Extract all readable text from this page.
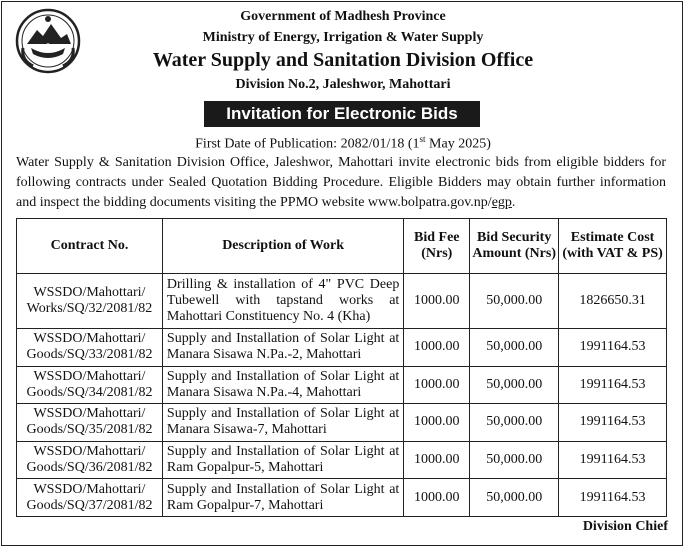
Government of Madhesh Province
Ministry of Energy, Irrigation & Water Supply
Water Supply and Sanitation Division Office
Division No.2, Jaleshwor, Mahottari
Invitation for Electronic Bids
First Date of Publication: 2082/01/18 (1st May 2025)
Water Supply & Sanitation Division Office, Jaleshwor, Mahottari invite electronic bids from eligible bidders for following contracts under Sealed Quotation Bidding Procedure. Eligible Bidders may obtain further information and inspect the bidding documents visiting the PPMO website www.bolpatra.gov.np/egp.
Contract No.	Description of Work	Bid Fee (Nrs)	Bid Security Amount (Nrs)	Estimate Cost (with VAT & PS)
WSSDO/Mahottari/ Works/SQ/32/2081/82	Drilling & installation of 4" PVC Deep Tubewell with tapstand works at Mahottari Constituency No. 4 (Kha)	1000.00	50,000.00	1826650.31
WSSDO/Mahottari/ Goods/SQ/33/2081/82	Supply and Installation of Solar Light at Manara Sisawa N.Pa.-2, Mahottari	1000.00	50,000.00	1991164.53
WSSDO/Mahottari/ Goods/SQ/34/2081/82	Supply and Installation of Solar Light at Manara Sisawa N.Pa.-4, Mahottari	1000.00	50,000.00	1991164.53
WSSDO/Mahottari/ Goods/SQ/35/2081/82	Supply and Installation of Solar Light at Manara Sisawa-7, Mahottari	1000.00	50,000.00	1991164.53
WSSDO/Mahottari/ Goods/SQ/36/2081/82	Supply and Installation of Solar Light at Ram Gopalpur-5, Mahottari	1000.00	50,000.00	1991164.53
WSSDO/Mahottari/ Goods/SQ/37/2081/82	Supply and Installation of Solar Light at Ram Gopalpur-7, Mahottari	1000.00	50,000.00	1991164.53
Division Chief
